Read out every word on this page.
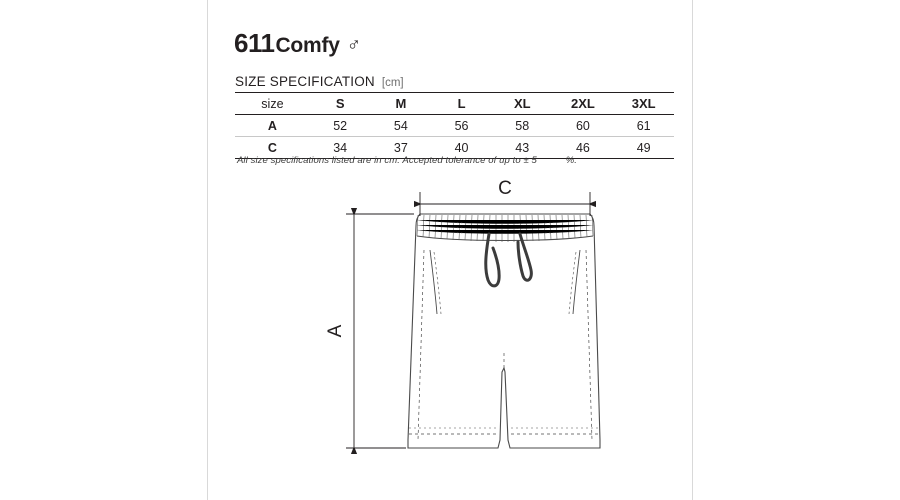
611 Comfy ♂
SIZE SPECIFICATION [cm]
size	S	M	L	XL	2XL	3XL
A	52	54	56	58	60	61
C	34	37	40	43	46	49
All size specifications listed are in cm. Accepted tolerance of up to ± 5	%.
C
A
